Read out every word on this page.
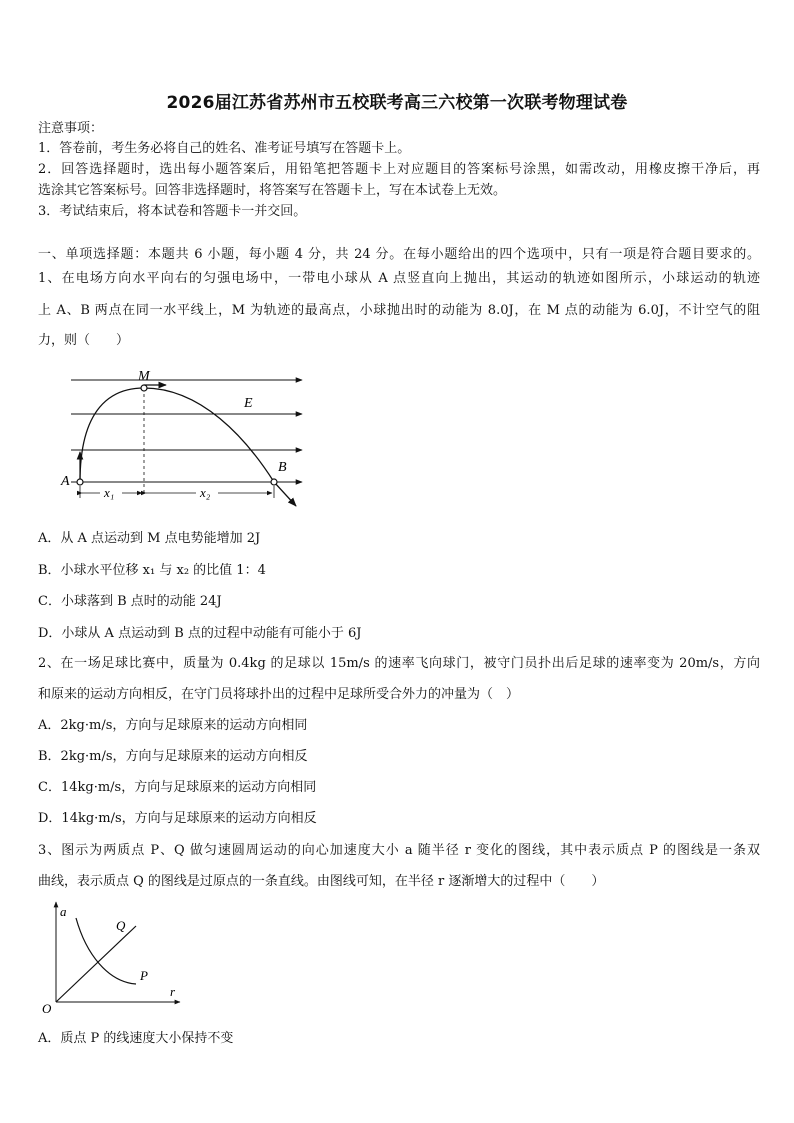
2026届江苏省苏州市五校联考高三六校第一次联考物理试卷
注意事项：
1．答卷前，考生务必将自己的姓名、准考证号填写在答题卡上。
2．回答选择题时，选出每小题答案后，用铅笔把答题卡上对应题目的答案标号涂黑，如需改动，用橡皮擦干净后，再
选涂其它答案标号。回答非选择题时，将答案写在答题卡上，写在本试卷上无效。
3．考试结束后，将本试卷和答题卡一并交回。
一、单项选择题：本题共 6 小题，每小题 4 分，共 24 分。在每小题给出的四个选项中，只有一项是符合题目要求的。
1、在电场方向水平向右的匀强电场中，一带电小球从 A 点竖直向上抛出，其运动的轨迹如图所示，小球运动的轨迹
上 A、B 两点在同一水平线上，M 为轨迹的最高点，小球抛出时的动能为 8.0J，在 M 点的动能为 6.0J，不计空气的阻
力，则（　　）
M
E
A
B
x₁	x₂
A．从 A 点运动到 M 点电势能增加 2J
B．小球水平位移 x₁ 与 x₂ 的比值 1：4
C．小球落到 B 点时的动能 24J
D．小球从 A 点运动到 B 点的过程中动能有可能小于 6J
2、在一场足球比赛中，质量为 0.4kg 的足球以 15m/s 的速率飞向球门，被守门员扑出后足球的速率变为 20m/s，方向
和原来的运动方向相反，在守门员将球扑出的过程中足球所受合外力的冲量为（　）
A．2kg·m/s，方向与足球原来的运动方向相同
B．2kg·m/s，方向与足球原来的运动方向相反
C．14kg·m/s，方向与足球原来的运动方向相同
D．14kg·m/s，方向与足球原来的运动方向相反
3、图示为两质点 P、Q 做匀速圆周运动的向心加速度大小 a 随半径 r 变化的图线，其中表示质点 P 的图线是一条双
曲线，表示质点 Q 的图线是过原点的一条直线。由图线可知，在半径 r 逐渐增大的过程中（　　）
a
Q
P
O
r
A．质点 P 的线速度大小保持不变
